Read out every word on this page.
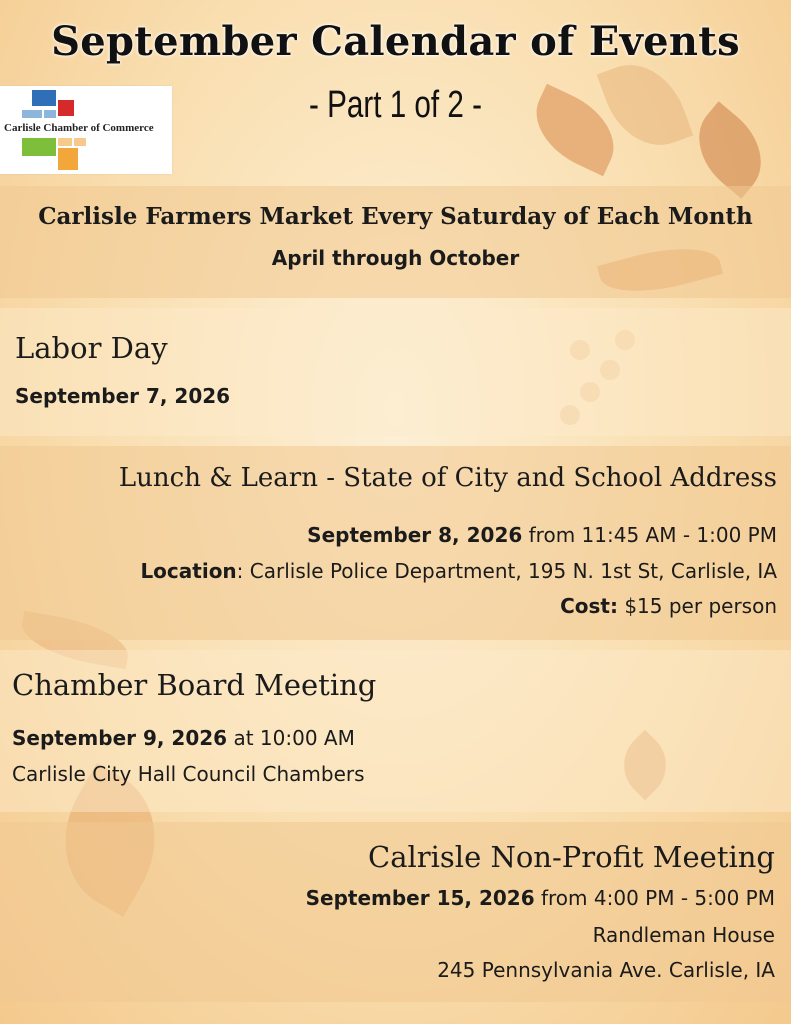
September Calendar of Events
- Part 1 of 2 -
Carlisle Chamber of Commerce
Carlisle Farmers Market Every Saturday of Each Month
April through October
Labor Day
September 7, 2026
Lunch & Learn - State of City and School Address
September 8, 2026 from 11:45 AM - 1:00 PM
Location: Carlisle Police Department, 195 N. 1st St, Carlisle, IA
Cost: $15 per person
Chamber Board Meeting
September 9, 2026 at 10:00 AM
Carlisle City Hall Council Chambers
Calrisle Non-Profit Meeting
September 15, 2026 from 4:00 PM - 5:00 PM
Randleman House
245 Pennsylvania Ave. Carlisle, IA
